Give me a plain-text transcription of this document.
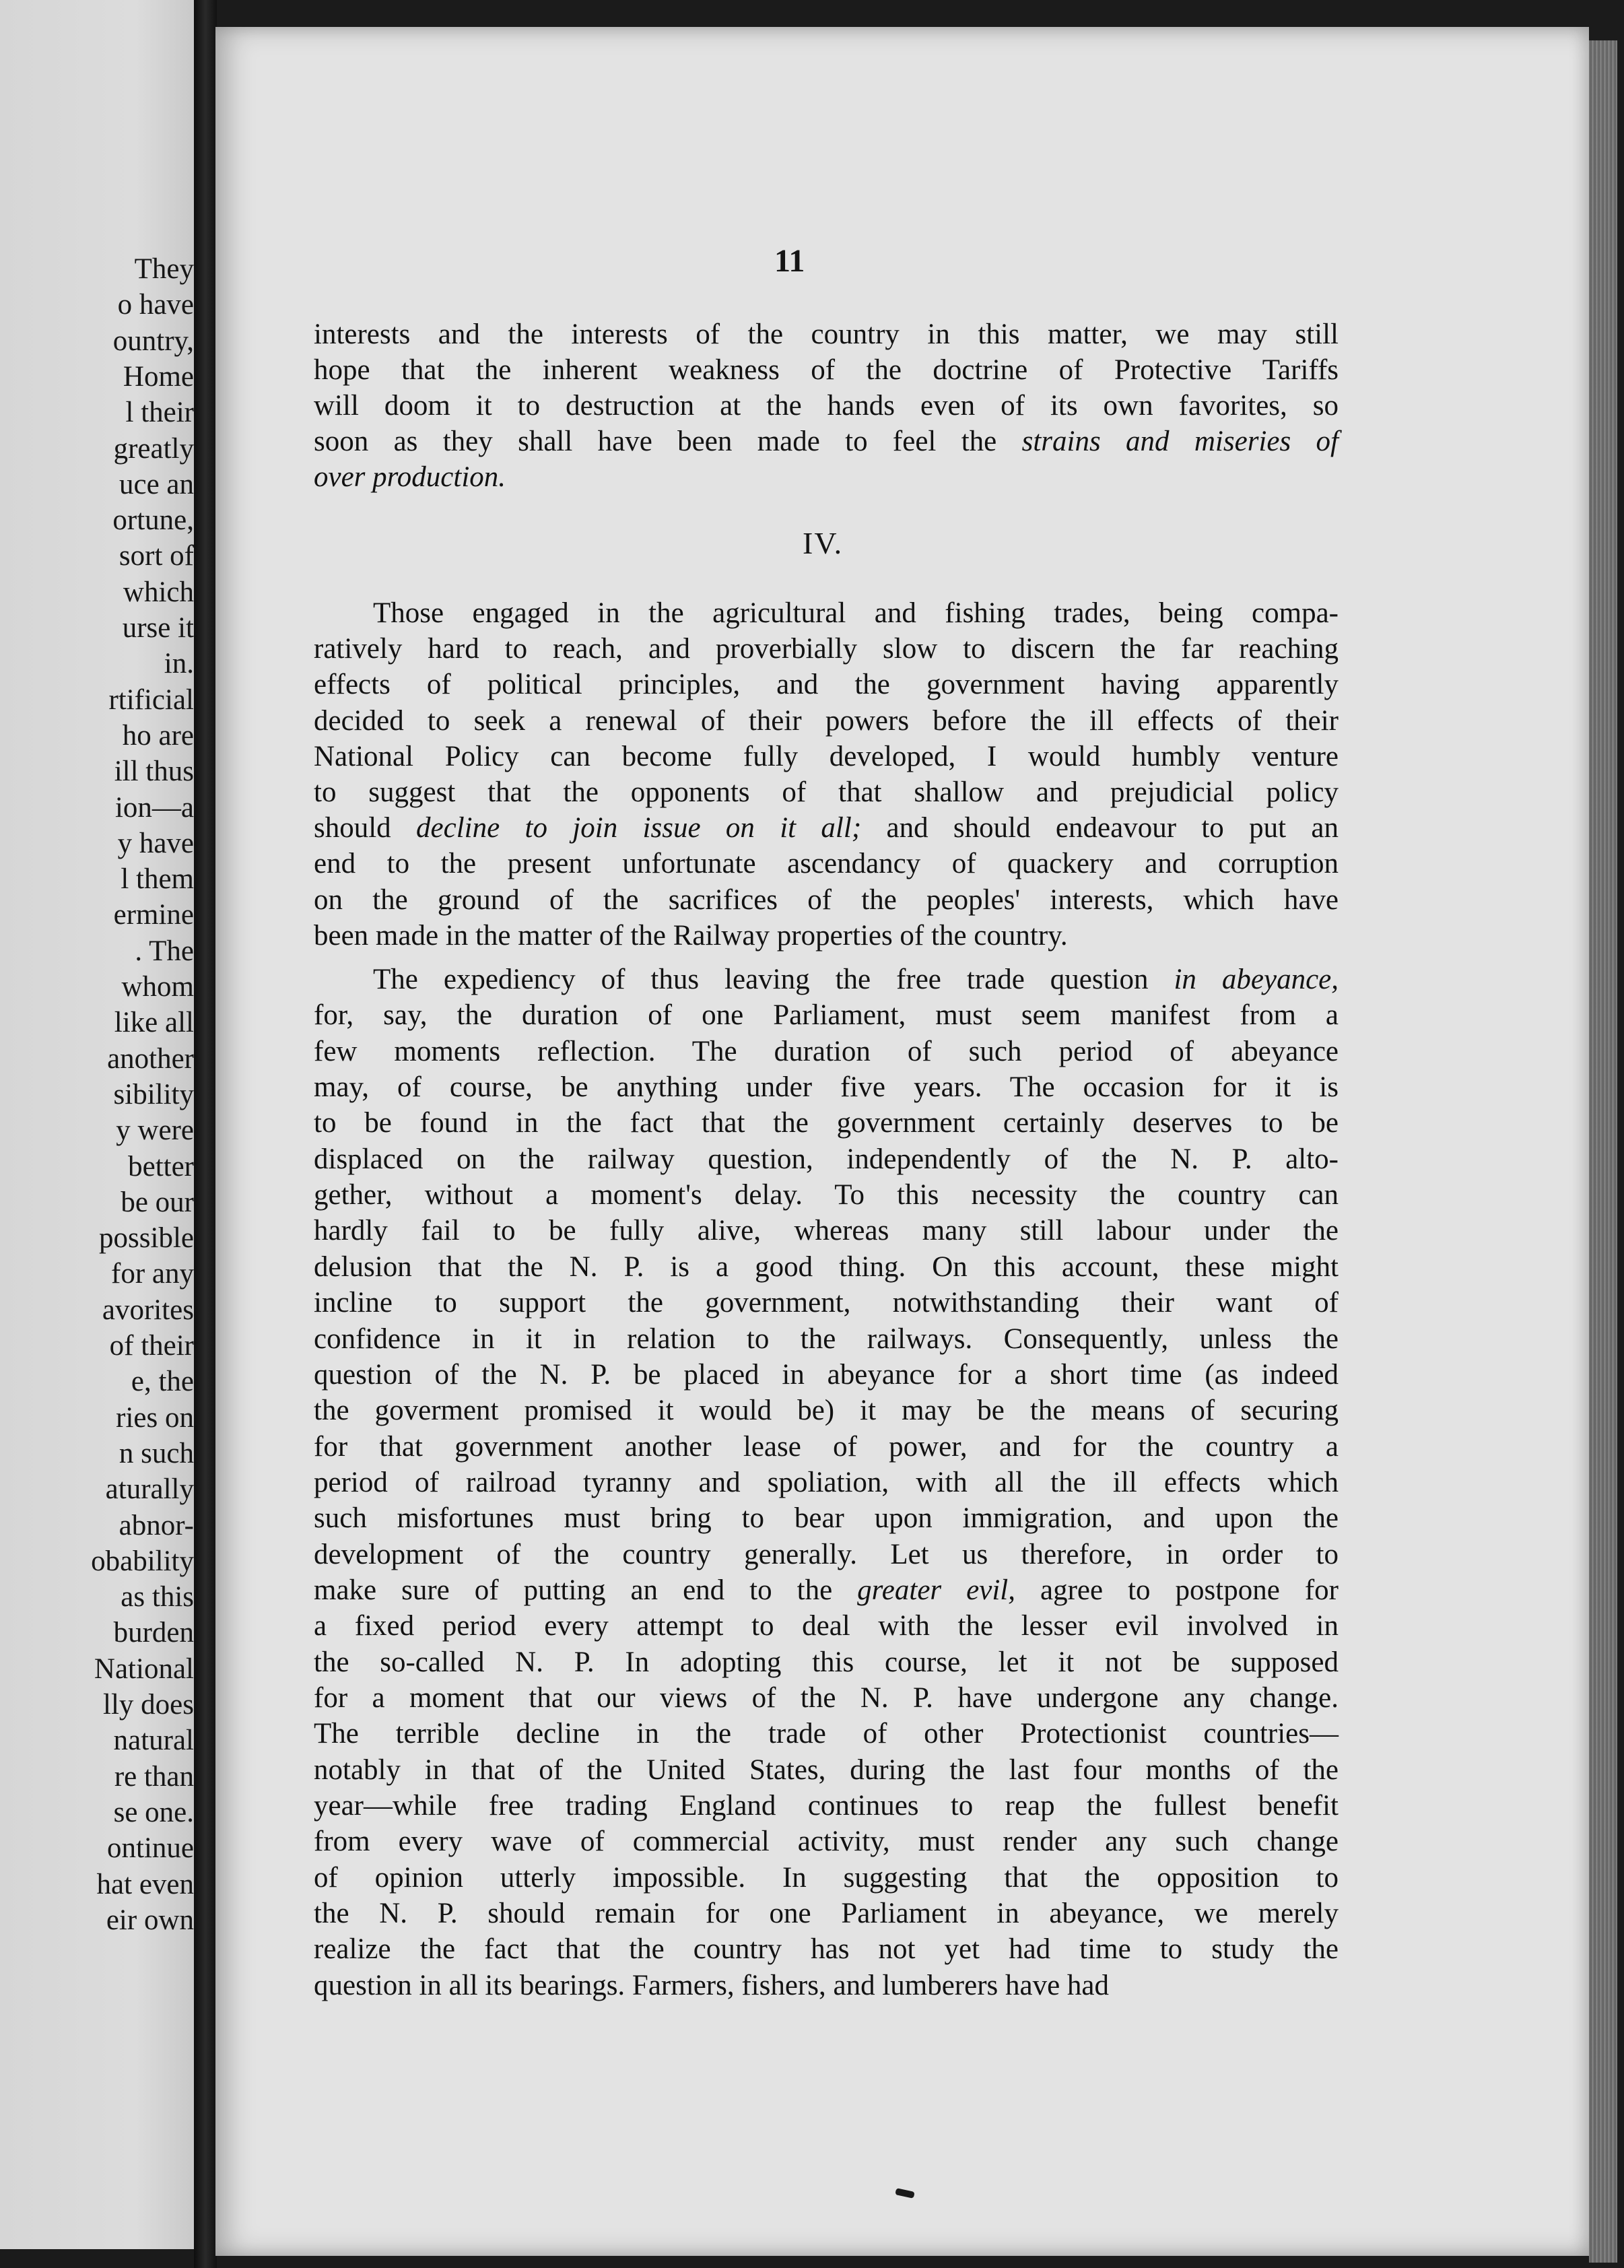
They
o have
ountry,
Home
l their
greatly
uce an
ortune,
sort of
which
urse it
in.
rtificial
ho are
ill thus
ion—a
y have
l them
ermine
. The
whom
like all
another
sibility
y were
better
be our
possible
for any
avorites
of their
e, the
ries on
n such
aturally
abnor-
obability
as this
burden
National
lly does
natural
re than
se one.
ontinue
hat even
eir own
11
IV.
interests and the interests of the country in this matter, we may still
hope that the inherent weakness of the doctrine of Protective Tariffs
will doom it to destruction at the hands even of its own favorites, so
soon as they shall have been made to feel the strains and miseries of
over production.
Those engaged in the agricultural and fishing trades, being compa-
ratively hard to reach, and proverbially slow to discern the far reaching
effects of political principles, and the government having apparently
decided to seek a renewal of their powers before the ill effects of their
National Policy can become fully developed, I would humbly venture
to suggest that the opponents of that shallow and prejudicial policy
should decline to join issue on it all; and should endeavour to put an
end to the present unfortunate ascendancy of quackery and corruption
on the ground of the sacrifices of the peoples' interests, which have
been made in the matter of the Railway properties of the country.
The expediency of thus leaving the free trade question in abeyance,
for, say, the duration of one Parliament, must seem manifest from a
few moments reflection. The duration of such period of abeyance
may, of course, be anything under five years. The occasion for it is
to be found in the fact that the government certainly deserves to be
displaced on the railway question, independently of the N. P. alto-
gether, without a moment's delay. To this necessity the country can
hardly fail to be fully alive, whereas many still labour under the
delusion that the N. P. is a good thing. On this account, these might
incline to support the government, notwithstanding their want of
confidence in it in relation to the railways. Consequently, unless the
question of the N. P. be placed in abeyance for a short time (as indeed
the goverment promised it would be) it may be the means of securing
for that government another lease of power, and for the country a
period of railroad tyranny and spoliation, with all the ill effects which
such misfortunes must bring to bear upon immigration, and upon the
development of the country generally. Let us therefore, in order to
make sure of putting an end to the greater evil, agree to postpone for
a fixed period every attempt to deal with the lesser evil involved in
the so-called N. P. In adopting this course, let it not be supposed
for a moment that our views of the N. P. have undergone any change.
The terrible decline in the trade of other Protectionist countries—
notably in that of the United States, during the last four months of the
year—while free trading England continues to reap the fullest benefit
from every wave of commercial activity, must render any such change
of opinion utterly impossible. In suggesting that the opposition to
the N. P. should remain for one Parliament in abeyance, we merely
realize the fact that the country has not yet had time to study the
question in all its bearings. Farmers, fishers, and lumberers have had
